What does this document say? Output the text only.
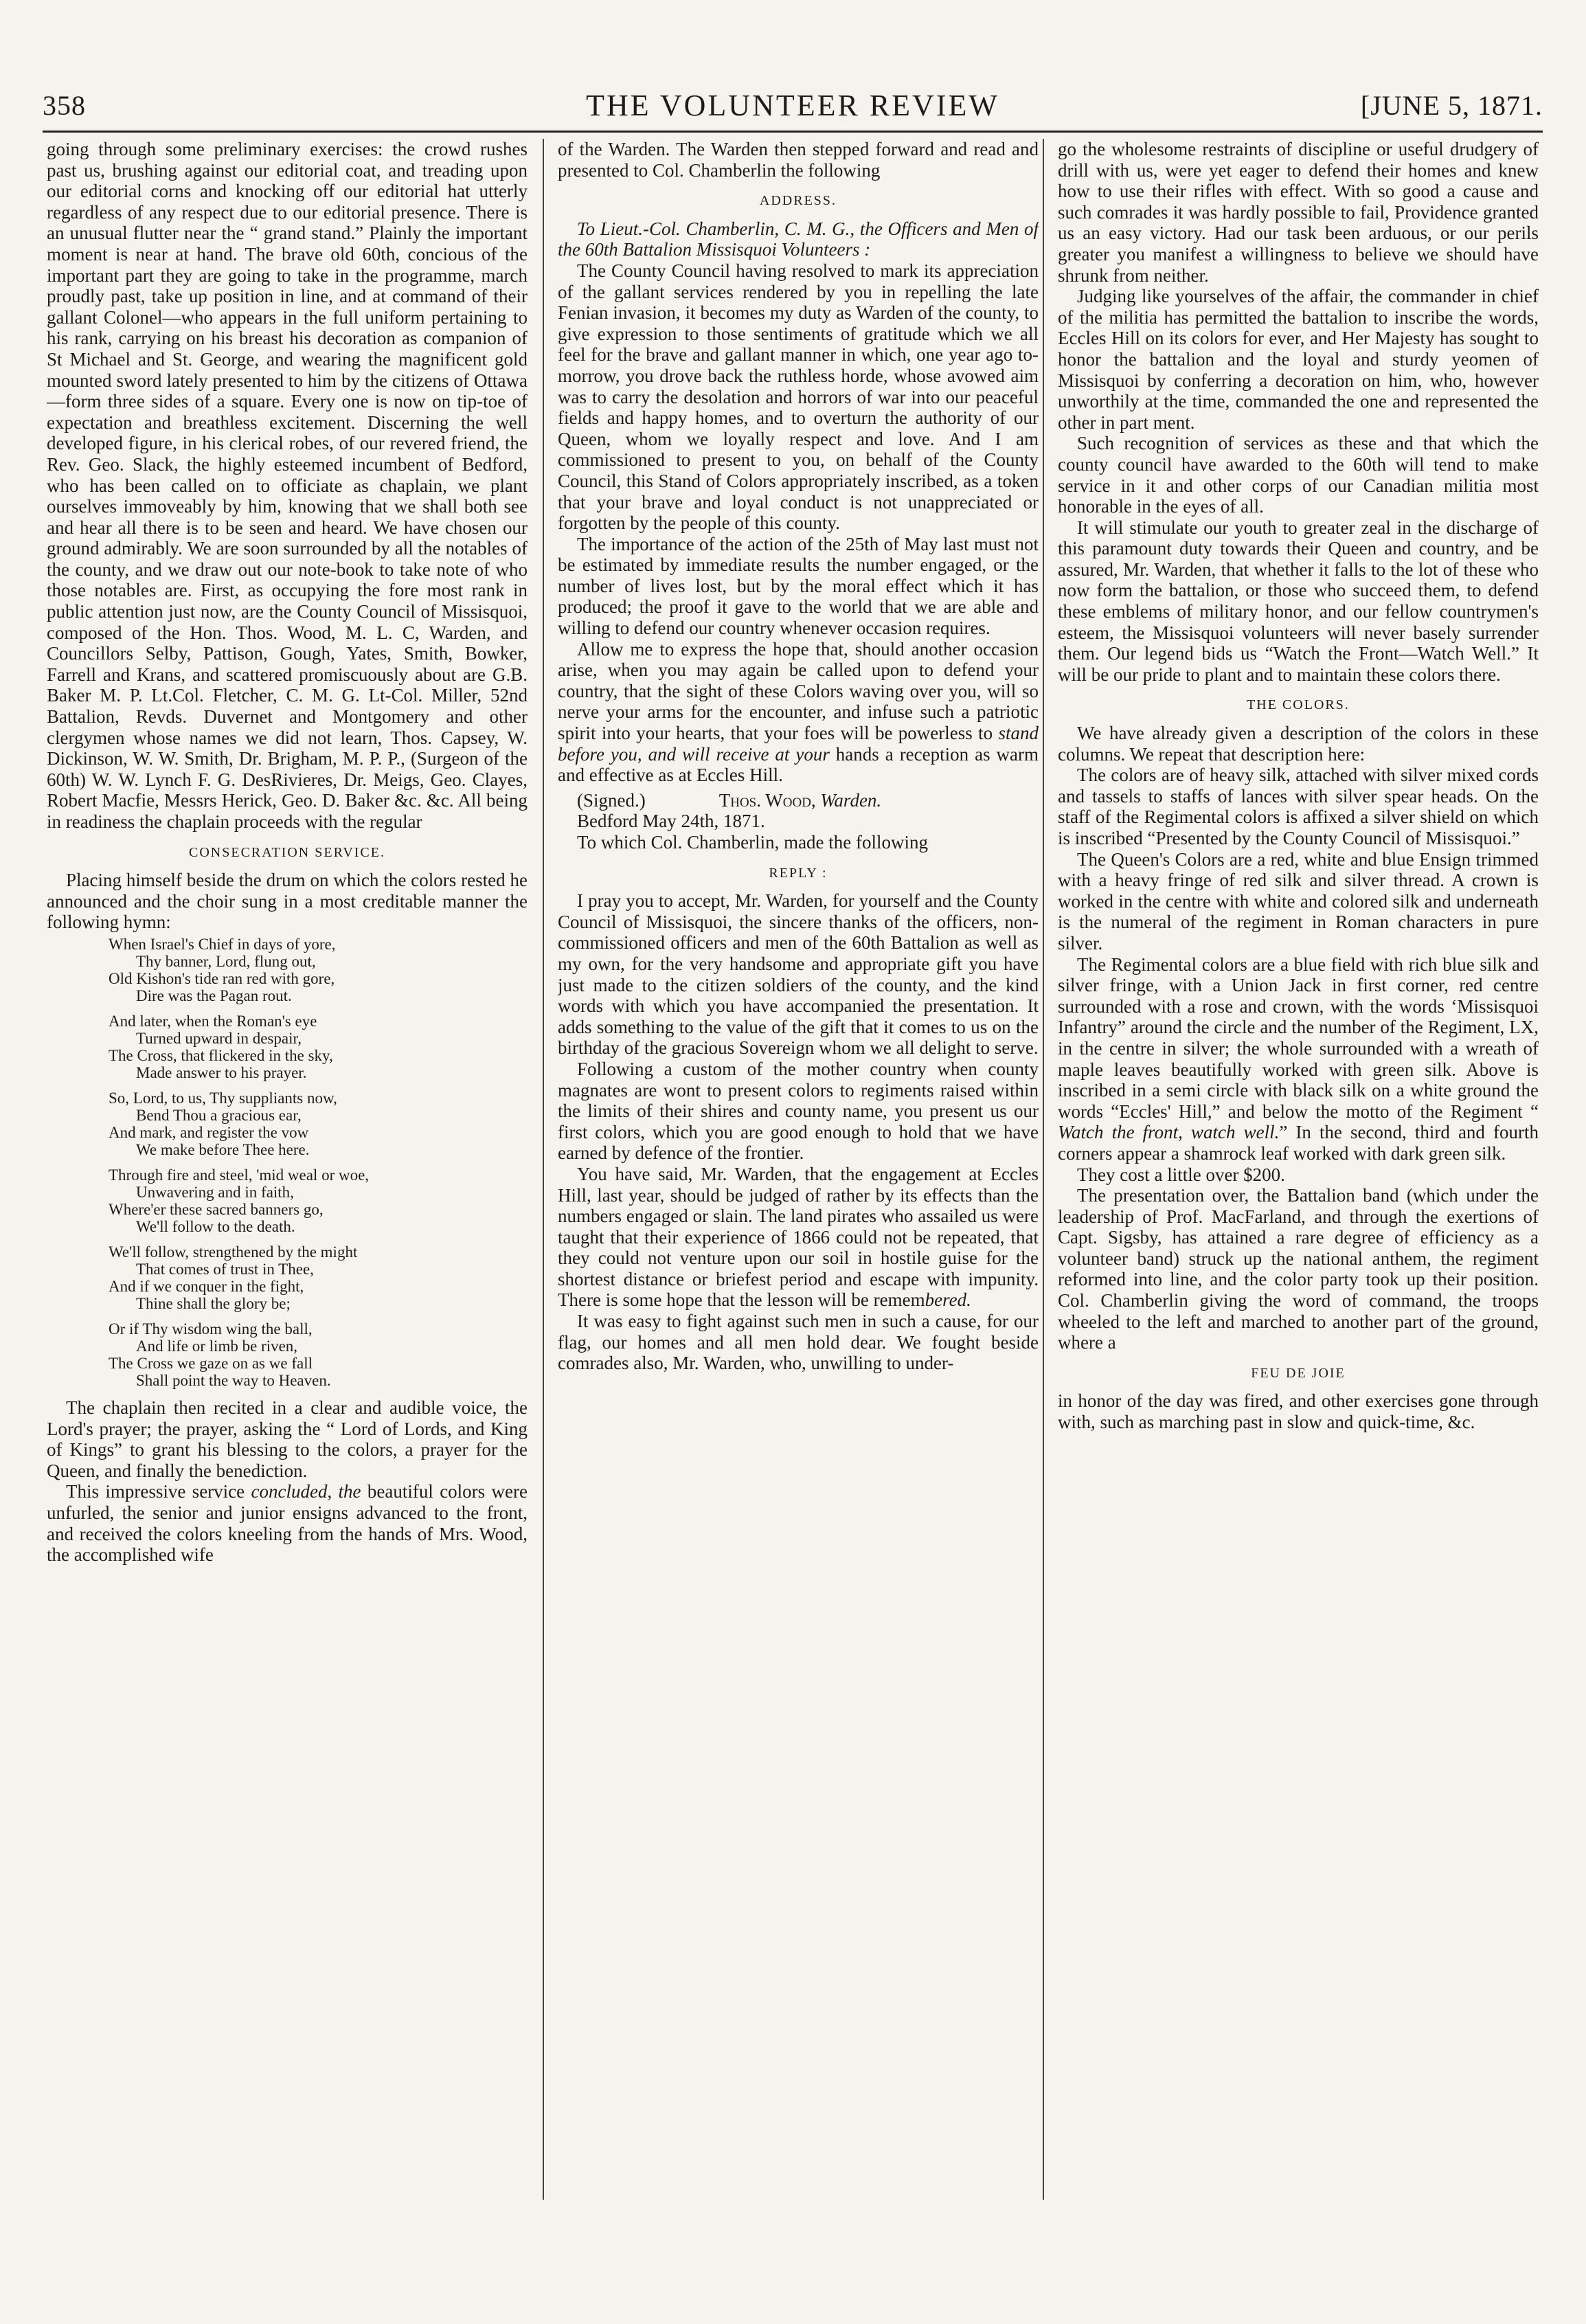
358	THE VOLUNTEER REVIEW	[JUNE 5, 1871.

going through some preliminary exercises: the crowd rushes past us, brushing against our editorial coat, and treading upon our editorial corns and knocking off our editorial hat utterly regardless of any respect due to our editorial presence. There is an unusual flutter near the “ grand stand.” Plainly the important moment is near at hand. The brave old 60th, concious of the important part they are going to take in the programme, march proudly past, take up position in line, and at command of their gallant Colonel—who appears in the full uniform pertaining to his rank, carrying on his breast his decoration as companion of St Michael and St. George, and wearing the magnificent gold mounted sword lately presented to him by the citizens of Ottawa—form three sides of a square. Every one is now on tip-toe of expectation and breathless excitement. Discerning the well developed figure, in his clerical robes, of our revered friend, the Rev. Geo. Slack, the highly esteemed incumbent of Bedford, who has been called on to officiate as chaplain, we plant ourselves immoveably by him, knowing that we shall both see and hear all there is to be seen and heard. We have chosen our ground admirably. We are soon surrounded by all the notables of the county, and we draw out our note-book to take note of who those notables are. First, as occupying the fore most rank in public attention just now, are the County Council of Missisquoi, composed of the Hon. Thos. Wood, M. L. C, Warden, and Councillors Selby, Pattison, Gough, Yates, Smith, Bowker, Farrell and Krans, and scattered promiscuously about are G.B. Baker M. P. Lt.Col. Fletcher, C. M. G. Lt-Col. Miller, 52nd Battalion, Revds. Duvernet and Montgomery and other clergymen whose names we did not learn, Thos. Capsey, W. Dickinson, W. W. Smith, Dr. Brigham, M. P. P., (Surgeon of the 60th) W. W. Lynch F. G. DesRivieres, Dr. Meigs, Geo. Clayes, Robert Macfie, Messrs Herick, Geo. D. Baker &c. &c. All being in readiness the chaplain proceeds with the regular

CONSECRATION SERVICE.

Placing himself beside the drum on which the colors rested he announced and the choir sung in a most creditable manner the following hymn:

When Israel's Chief in days of yore,
Thy banner, Lord, flung out,
Old Kishon's tide ran red with gore,
Dire was the Pagan rout.
And later, when the Roman's eye
Turned upward in despair,
The Cross, that flickered in the sky,
Made answer to his prayer.
So, Lord, to us, Thy suppliants now,
Bend Thou a gracious ear,
And mark, and register the vow
We make before Thee here.
Through fire and steel, 'mid weal or woe,
Unwavering and in faith,
Where'er these sacred banners go,
We'll follow to the death.
We'll follow, strengthened by the might
That comes of trust in Thee,
And if we conquer in the fight,
Thine shall the glory be;
Or if Thy wisdom wing the ball,
And life or limb be riven,
The Cross we gaze on as we fall
Shall point the way to Heaven.

The chaplain then recited in a clear and audible voice, the Lord's prayer; the prayer, asking the “ Lord of Lords, and King of Kings” to grant his blessing to the colors, a prayer for the Queen, and finally the benediction.

This impressive service concluded, the beautiful colors were unfurled, the senior and junior ensigns advanced to the front, and received the colors kneeling from the hands of Mrs. Wood, the accomplished wife

of the Warden. The Warden then stepped forward and read and presented to Col. Chamberlin the following

ADDRESS.

To Lieut.-Col. Chamberlin, C. M. G., the Officers and Men of the 60th Battalion Missisquoi Volunteers :

The County Council having resolved to mark its appreciation of the gallant services rendered by you in repelling the late Fenian invasion, it becomes my duty as Warden of the county, to give expression to those sentiments of gratitude which we all feel for the brave and gallant manner in which, one year ago to-morrow, you drove back the ruthless horde, whose avowed aim was to carry the desolation and horrors of war into our peaceful fields and happy homes, and to overturn the authority of our Queen, whom we loyally respect and love. And I am commissioned to present to you, on behalf of the County Council, this Stand of Colors appropriately inscribed, as a token that your brave and loyal conduct is not unappreciated or forgotten by the people of this county.

The importance of the action of the 25th of May last must not be estimated by immediate results the number engaged, or the number of lives lost, but by the moral effect which it has produced; the proof it gave to the world that we are able and willing to defend our country whenever occasion requires.

Allow me to express the hope that, should another occasion arise, when you may again be called upon to defend your country, that the sight of these Colors waving over you, will so nerve your arms for the encounter, and infuse such a patriotic spirit into your hearts, that your foes will be powerless to stand before you, and will receive at your hands a reception as warm and effective as at Eccles Hill.

(Signed.)	Thos. Wood, Warden.

Bedford May 24th, 1871.

To which Col. Chamberlin, made the following

REPLY :

I pray you to accept, Mr. Warden, for yourself and the County Council of Missisquoi, the sincere thanks of the officers, non-commissioned officers and men of the 60th Battalion as well as my own, for the very handsome and appropriate gift you have just made to the citizen soldiers of the county, and the kind words with which you have accompanied the presentation. It adds something to the value of the gift that it comes to us on the birthday of the gracious Sovereign whom we all delight to serve.

Following a custom of the mother country when county magnates are wont to present colors to regiments raised within the limits of their shires and county name, you present us our first colors, which you are good enough to hold that we have earned by defence of the frontier.

You have said, Mr. Warden, that the engagement at Eccles Hill, last year, should be judged of rather by its effects than the numbers engaged or slain. The land pirates who assailed us were taught that their experience of 1866 could not be repeated, that they could not venture upon our soil in hostile guise for the shortest distance or briefest period and escape with impunity. There is some hope that the lesson will be remembered.

It was easy to fight against such men in such a cause, for our flag, our homes and all men hold dear. We fought beside comrades also, Mr. Warden, who, unwilling to under-

go the wholesome restraints of discipline or useful drudgery of drill with us, were yet eager to defend their homes and knew how to use their rifles with effect. With so good a cause and such comrades it was hardly possible to fail, Providence granted us an easy victory. Had our task been arduous, or our perils greater you manifest a willingness to believe we should have shrunk from neither.

Judging like yourselves of the affair, the commander in chief of the militia has permitted the battalion to inscribe the words, Eccles Hill on its colors for ever, and Her Majesty has sought to honor the battalion and the loyal and sturdy yeomen of Missisquoi by conferring a decoration on him, who, however unworthily at the time, commanded the one and represented the other in part ment.

Such recognition of services as these and that which the county council have awarded to the 60th will tend to make service in it and other corps of our Canadian militia most honorable in the eyes of all.

It will stimulate our youth to greater zeal in the discharge of this paramount duty towards their Queen and country, and be assured, Mr. Warden, that whether it falls to the lot of these who now form the battalion, or those who succeed them, to defend these emblems of military honor, and our fellow countrymen's esteem, the Missisquoi volunteers will never basely surrender them. Our legend bids us “Watch the Front—Watch Well.” It will be our pride to plant and to maintain these colors there.

THE COLORS.

We have already given a description of the colors in these columns. We repeat that description here:

The colors are of heavy silk, attached with silver mixed cords and tassels to staffs of lances with silver spear heads. On the staff of the Regimental colors is affixed a silver shield on which is inscribed “Presented by the County Council of Missisquoi.”

The Queen's Colors are a red, white and blue Ensign trimmed with a heavy fringe of red silk and silver thread. A crown is worked in the centre with white and colored silk and underneath is the numeral of the regiment in Roman characters in pure silver.

The Regimental colors are a blue field with rich blue silk and silver fringe, with a Union Jack in first corner, red centre surrounded with a rose and crown, with the words ‘Missisquoi Infantry” around the circle and the number of the Regiment, LX, in the centre in silver; the whole surrounded with a wreath of maple leaves beautifully worked with green silk. Above is inscribed in a semi circle with black silk on a white ground the words “Eccles' Hill,” and below the motto of the Regiment “ Watch the front, watch well.” In the second, third and fourth corners appear a shamrock leaf worked with dark green silk.

They cost a little over $200.

The presentation over, the Battalion band (which under the leadership of Prof. MacFarland, and through the exertions of Capt. Sigsby, has attained a rare degree of efficiency as a volunteer band) struck up the national anthem, the regiment reformed into line, and the color party took up their position. Col. Chamberlin giving the word of command, the troops wheeled to the left and marched to another part of the ground, where a

FEU DE JOIE

in honor of the day was fired, and other exercises gone through with, such as marching past in slow and quick-time, &c.
